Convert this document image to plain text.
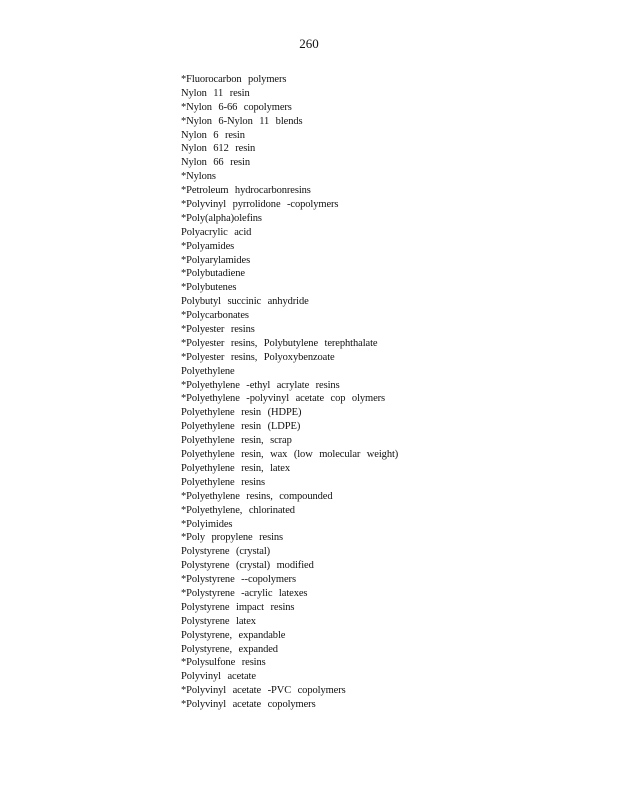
260
*Fluorocarbon polymers
Nylon 11 resin
*Nylon 6-66 copolymers
*Nylon 6-Nylon 11 blends
Nylon 6 resin
Nylon 612 resin
Nylon 66 resin
*Nylons
*Petroleum hydrocarbonresins
*Polyvinyl pyrrolidone -copolymers
*Poly(alpha)olefins
Polyacrylic acid
*Polyamides
*Polyarylamides
*Polybutadiene
*Polybutenes
Polybutyl succinic anhydride
*Polycarbonates
*Polyester resins
*Polyester resins, Polybutylene terephthalate
*Polyester resins, Polyoxybenzoate
Polyethylene
*Polyethylene -ethyl acrylate resins
*Polyethylene -polyvinyl acetate cop olymers
Polyethylene resin (HDPE)
Polyethylene resin (LDPE)
Polyethylene resin, scrap
Polyethylene resin, wax (low molecular weight)
Polyethylene resin, latex
Polyethylene resins
*Polyethylene resins, compounded
*Polyethylene, chlorinated
*Polyimides
*Poly propylene resins
Polystyrene (crystal)
Polystyrene (crystal) modified
*Polystyrene --copolymers
*Polystyrene -acrylic latexes
Polystyrene impact resins
Polystyrene latex
Polystyrene, expandable
Polystyrene, expanded
*Polysulfone resins
Polyvinyl acetate
*Polyvinyl acetate -PVC copolymers
*Polyvinyl acetate copolymers
